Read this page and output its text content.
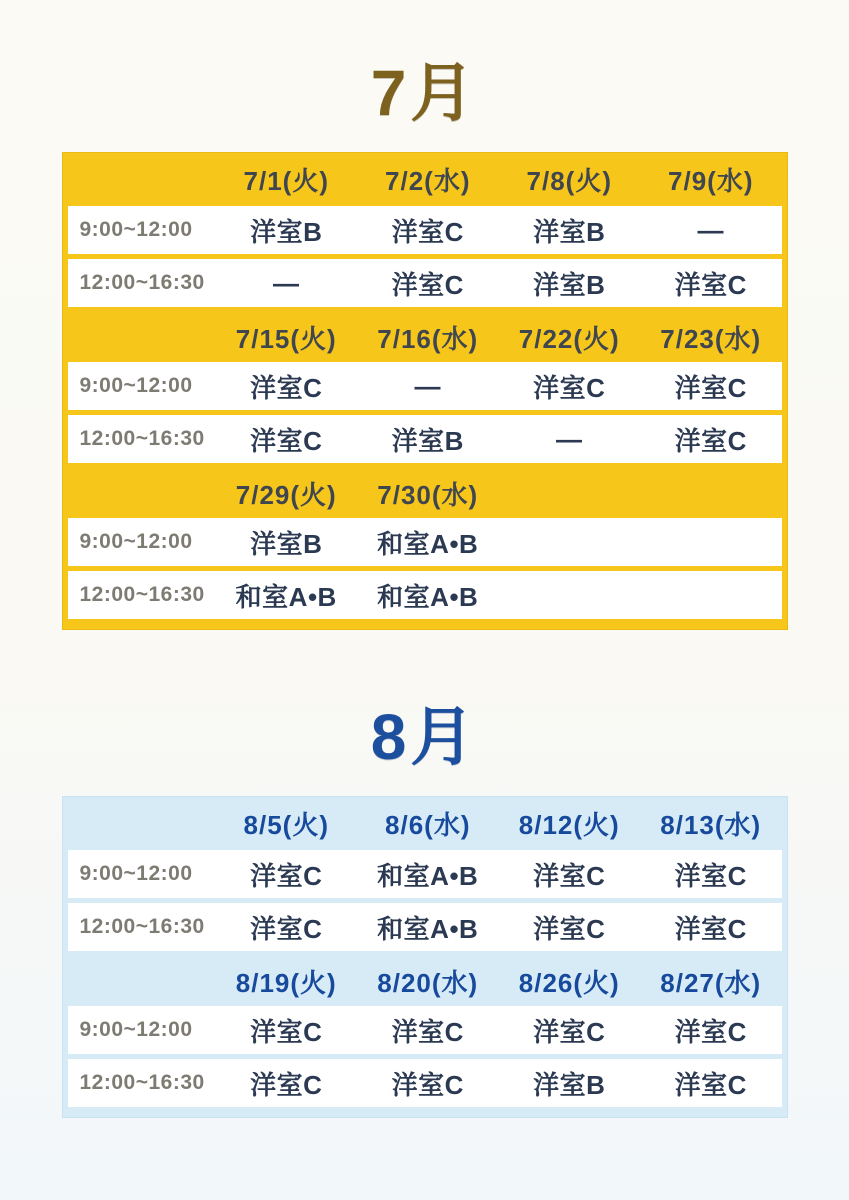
7月
7/1(火)	7/2(水)	7/8(火)	7/9(水)
9:00~12:00	洋室B	洋室C	洋室B	—
12:00~16:30	—	洋室C	洋室B	洋室C
7/15(火)	7/16(水)	7/22(火)	7/23(水)
9:00~12:00	洋室C	—	洋室C	洋室C
12:00~16:30	洋室C	洋室B	—	洋室C
7/29(火)	7/30(水)
9:00~12:00	洋室B	和室A•B
12:00~16:30	和室A•B	和室A•B
8月
8/5(火)	8/6(水)	8/12(火)	8/13(水)
9:00~12:00	洋室C	和室A•B	洋室C	洋室C
12:00~16:30	洋室C	和室A•B	洋室C	洋室C
8/19(火)	8/20(水)	8/26(火)	8/27(水)
9:00~12:00	洋室C	洋室C	洋室C	洋室C
12:00~16:30	洋室C	洋室C	洋室B	洋室C
